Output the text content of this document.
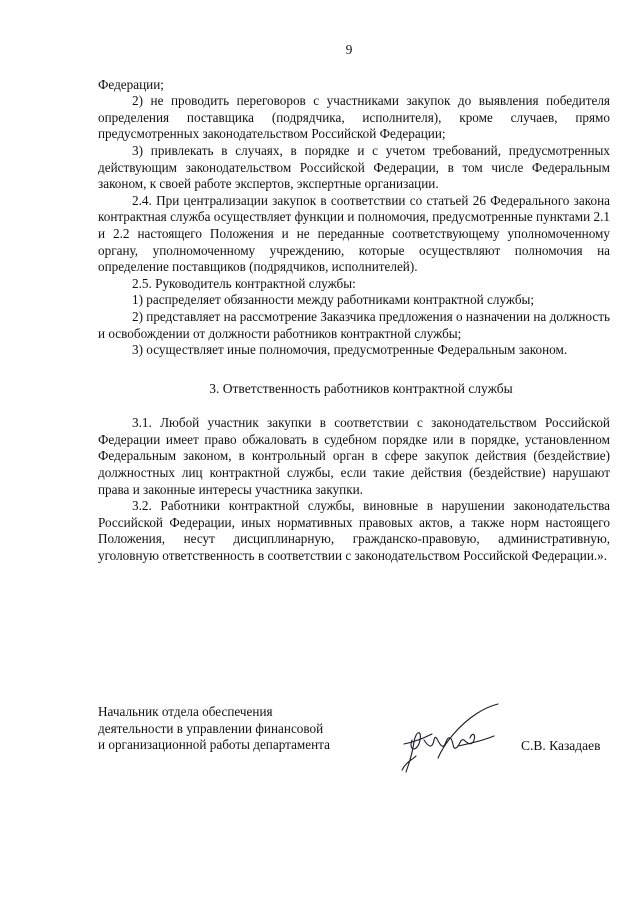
9

Федерации;

2) не проводить переговоров с участниками закупок до выявления победителя определения поставщика (подрядчика, исполнителя), кроме случаев, прямо предусмотренных законодательством Российской Федерации;

3) привлекать в случаях, в порядке и с учетом требований, предусмотренных действующим законодательством Российской Федерации, в том числе Федеральным законом, к своей работе экспертов, экспертные организации.

2.4. При централизации закупок в соответствии со статьей 26 Федерального закона контрактная служба осуществляет функции и полномочия, предусмотренные пунктами 2.1 и 2.2 настоящего Положения и не переданные соответствующему уполномоченному органу, уполномоченному учреждению, которые осуществляют полномочия на определение поставщиков (подрядчиков, исполнителей).

2.5. Руководитель контрактной службы:

1) распределяет обязанности между работниками контрактной службы;

2) представляет на рассмотрение Заказчика предложения о назначении на должность и освобождении от должности работников контрактной службы;

3) осуществляет иные полномочия, предусмотренные Федеральным законом.

3. Ответственность работников контрактной службы

3.1. Любой участник закупки в соответствии с законодательством Российской Федерации имеет право обжаловать в судебном порядке или в порядке, установленном Федеральным законом, в контрольный орган в сфере закупок действия (бездействие) должностных лиц контрактной службы, если такие действия (бездействие) нарушают права и законные интересы участника закупки.

3.2. Работники контрактной службы, виновные в нарушении законодательства Российской Федерации, иных нормативных правовых актов, а также норм настоящего Положения, несут дисциплинарную, гражданско-правовую, административную, уголовную ответственность в соответствии с законодательством Российской Федерации.».

Начальник отдела обеспечения
деятельности в управлении финансовой
и организационной работы департамента	С.В. Казадаев
